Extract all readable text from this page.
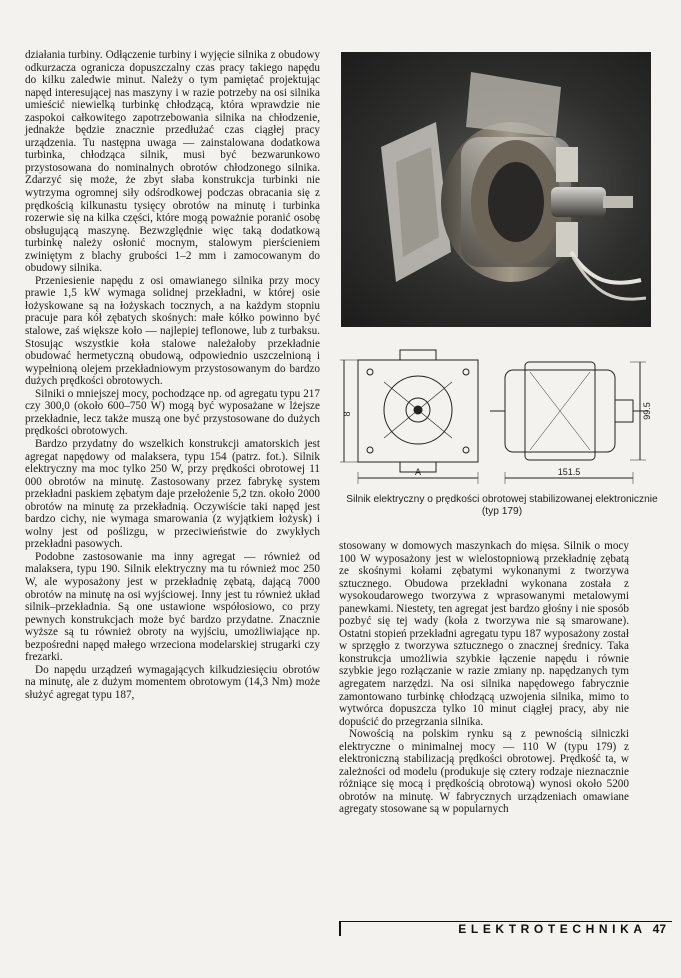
działania turbiny. Odłączenie turbiny i wyjęcie silnika z obudowy odkurzacza ogranicza dopuszczalny czas pracy takiego napędu do kilku zaledwie minut. Należy o tym pamiętać projektując napęd interesującej nas maszyny i w razie potrzeby na osi silnika umieścić niewielką turbinkę chłodzącą, która wprawdzie nie zaspokoi całkowitego zapotrzebowania silnika na chłodzenie, jednakże będzie znacznie przedłużać czas ciągłej pracy urządzenia. Tu następna uwaga — zainstalowana dodatkowa turbinka, chłodząca silnik, musi być bezwarunkowo przystosowana do nominalnych obrotów chłodzonego silnika. Zdarzyć się może, że zbyt słaba konstrukcja turbinki nie wytrzyma ogromnej siły odśrodkowej podczas obracania się z prędkością kilkunastu tysięcy obrotów na minutę i turbinka rozerwie się na kilka części, które mogą poważnie poranić osobę obsługującą maszynę. Bezwzględnie więc taką dodatkową turbinkę należy osłonić mocnym, stalowym pierścieniem zwiniętym z blachy grubości 1–2 mm i zamocowanym do obudowy silnika.

Przeniesienie napędu z osi omawianego silnika przy mocy prawie 1,5 kW wymaga solidnej przekładni, w której osie łożyskowane są na łożyskach tocznych, a na każdym stopniu pracuje para kół zębatych skośnych: małe kółko powinno być stalowe, zaś większe koło — najlepiej teflonowe, lub z turbaksu. Stosując wszystkie koła stalowe należałoby przekładnie obudować hermetyczną obudową, odpowiednio uszczelnioną i wypełnioną olejem przekładniowym przystosowanym do bardzo dużych prędkości obrotowych.

Silniki o mniejszej mocy, pochodzące np. od agregatu typu 217 czy 300,0 (około 600–750 W) mogą być wyposażane w lżejsze przekładnie, lecz także muszą one być przystosowane do dużych prędkości obrotowych.

Bardzo przydatny do wszelkich konstrukcji amatorskich jest agregat napędowy od malaksera, typu 154 (patrz. fot.). Silnik elektryczny ma moc tylko 250 W, przy prędkości obrotowej 11 000 obrotów na minutę. Zastosowany przez fabrykę system przekładni paskiem zębatym daje przełożenie 5,2 tzn. około 2000 obrotów na minutę za przekładnią. Oczywiście taki napęd jest bardzo cichy, nie wymaga smarowania (z wyjątkiem łożysk) i wolny jest od poślizgu, w przeciwieństwie do zwykłych przekładni pasowych.

Podobne zastosowanie ma inny agregat — również od malaksera, typu 190. Silnik elektryczny ma tu również moc 250 W, ale wyposażony jest w przekładnię zębatą, dającą 7000 obrotów na minutę na osi wyjściowej. Inny jest tu również układ silnik–przekładnia. Są one ustawione współosiowo, co przy pewnych konstrukcjach może być bardzo przydatne. Znacznie wyższe są tu również obroty na wyjściu, umożliwiające np. bezpośredni napęd małego wrzeciona modelarskiej strugarki czy frezarki.

Do napędu urządzeń wymagających kilkudziesięciu obrotów na minutę, ale z dużym momentem obrotowym (14,3 Nm) może służyć agregat typu 187,

8
A
99.5
151.5
Silnik elektryczny o prędkości obrotowej stabilizowanej elektronicznie (typ 179)

stosowany w domowych maszynkach do mięsa. Silnik o mocy 100 W wyposażony jest w wielostopniową przekładnię zębatą ze skośnymi kołami zębatymi wykonanymi z tworzywa sztucznego. Obudowa przekładni wykonana została z wysokoudarowego tworzywa z wprasowanymi metalowymi panewkami. Niestety, ten agregat jest bardzo głośny i nie sposób pozbyć się tej wady (koła z tworzywa nie są smarowane). Ostatni stopień przekładni agregatu typu 187 wyposażony został w sprzęgło z tworzywa sztucznego o znacznej średnicy. Taka konstrukcja umożliwia szybkie łączenie napędu i równie szybkie jego rozłączanie w razie zmiany np. napędzanych tym agregatem narzędzi. Na osi silnika napędowego fabrycznie zamontowano turbinkę chłodzącą uzwojenia silnika, mimo to wytwórca dopuszcza tylko 10 minut ciągłej pracy, aby nie dopuścić do przegrzania silnika.

Nowością na polskim rynku są z pewnością silniczki elektryczne o minimalnej mocy — 110 W (typu 179) z elektroniczną stabilizacją prędkości obrotowej. Prędkość ta, w zależności od modelu (produkuje się cztery rodzaje nieznacznie różniące się mocą i prędkością obrotową) wynosi około 5200 obrotów na minutę. W fabrycznych urządzeniach omawiane agregaty stosowane są w popularnych

ELEKTROTECHNIKA 47
